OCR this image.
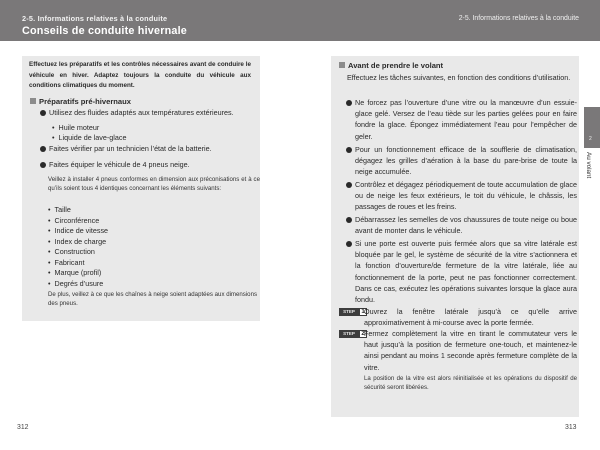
2-5. Informations relatives à la conduite
Conseils de conduite hivernale
2-5. Informations relatives à la conduite
Effectuez les préparatifs et les contrôles nécessaires avant de conduire le véhicule en hiver. Adaptez toujours la conduite du véhicule aux conditions climatiques du moment.
Préparatifs pré-hivernaux
Utilisez des fluides adaptés aux températures extérieures.
•  Huile moteur
•  Liquide de lave-glace
Faites vérifier par un technicien l’état de la batterie.
Faites équiper le véhicule de 4 pneus neige.
Veillez à installer 4 pneus conformes en dimension aux préconisations et à ce qu’ils soient tous 4 identiques concernant les éléments suivants:
•  Taille
•  Circonférence
•  Indice de vitesse
•  Index de charge
•  Construction
•  Fabricant
•  Marque (profil)
•  Degrés d’usure
De plus, veillez à ce que les chaînes à neige soient adaptées aux dimensions des pneus.
Avant de prendre le volant
Effectuez les tâches suivantes, en fonction des conditions d’utilisation.
Ne forcez pas l’ouverture d’une vitre ou la manœuvre d’un essuie-glace gelé. Versez de l’eau tiède sur les parties gelées pour en faire fondre la glace. Épongez immédiatement l’eau pour l’empêcher de geler.
Pour un fonctionnement efficace de la soufflerie de climatisation, dégagez les grilles d’aération à la base du pare-brise de toute la neige accumulée.
Contrôlez et dégagez périodiquement de toute accumulation de glace ou de neige les feux extérieurs, le toit du véhicule, le châssis, les passages de roues et les freins.
Débarrassez les semelles de vos chaussures de toute neige ou boue avant de monter dans le véhicule.
Si une porte est ouverte puis fermée alors que sa vitre latérale est bloquée par le gel, le système de sécurité de la vitre s’actionnera et la fonction d’ouverture/de fermeture de la vitre latérale, liée au fonctionnement de la porte, peut ne pas fonctionner correctement. Dans ce cas, exécutez les opérations suivantes lorsque la glace aura fondu.
STEP	1 Ouvrez la fenêtre latérale jusqu’à ce qu’elle arrive approximativement à mi-course avec la porte fermée.
STEP	2 Fermez complètement la vitre en tirant le commutateur vers le haut jusqu’à la position de fermeture one-touch, et maintenez-le ainsi pendant au moins 1 seconde après fermeture complète de la vitre.
La position de la vitre est alors réinitialisée et les opérations du dispositif de sécurité seront libérées.
2
Au volant
312	313
